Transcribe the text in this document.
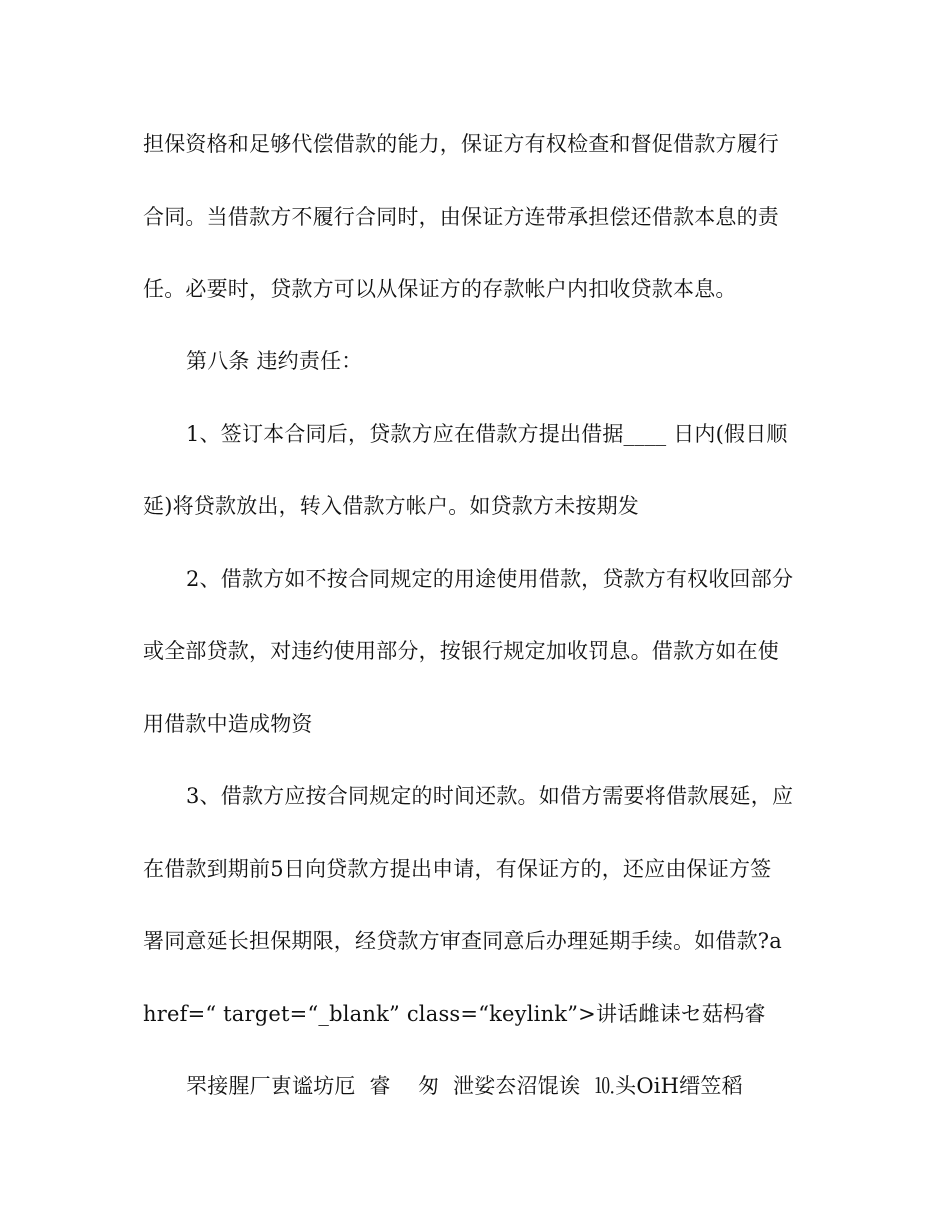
担保资格和足够代偿借款的能力，保证方有权检查和督促借款方履行
合同。当借款方不履行合同时，由保证方连带承担偿还借款本息的责
任。必要时，贷款方可以从保证方的存款帐户内扣收贷款本息。
第八条 违约责任：
1、签订本合同后，贷款方应在借款方提出借据____ 日内(假日顺
延)将贷款放出，转入借款方帐户。如贷款方未按期发
2、借款方如不按合同规定的用途使用借款，贷款方有权收回部分
或全部贷款，对违约使用部分，按银行规定加收罚息。借款方如在使
用借款中造成物资
3、借款方应按合同规定的时间还款。如借方需要将借款展延，应
在借款到期前5日向贷款方提出申请，有保证方的，还应由保证方签
署同意延长担保期限，经贷款方审查同意后办理延期手续。如借款?a
href=“ target=“_blank” class=“keylink”>讲话雌诔セ菇杩睿
罘接腥厂叀谧坊厄  睿    匆  泄娑厺沼馄诶  ⒑头OiH缙笠稻
